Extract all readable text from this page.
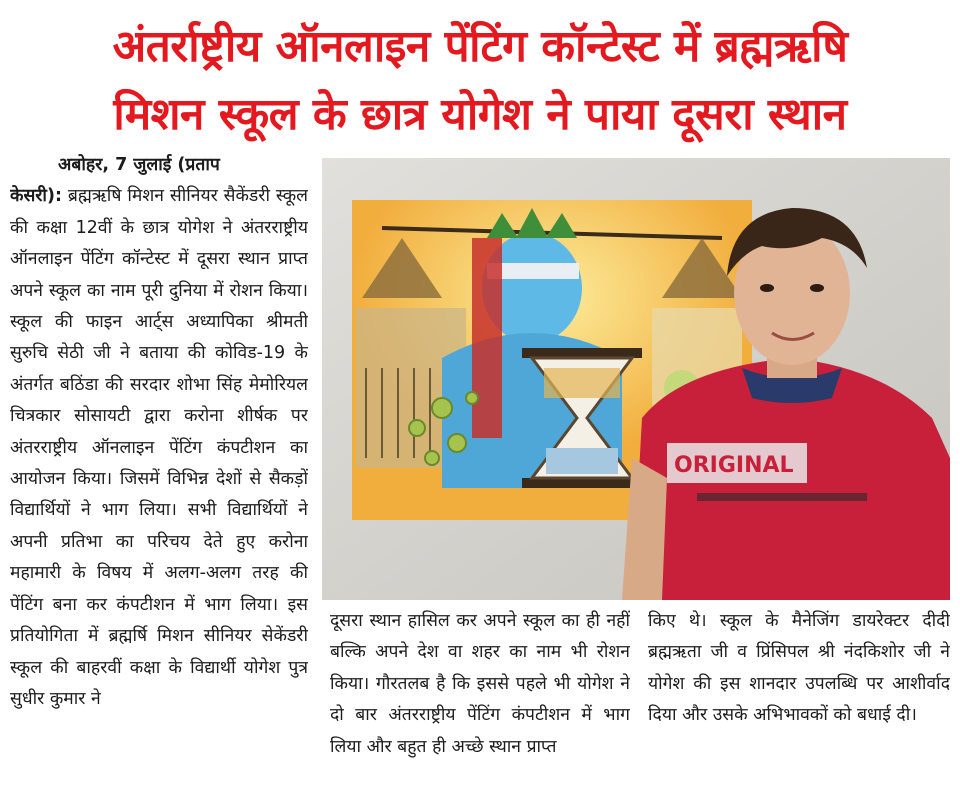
अंतर्राष्ट्रीय ऑनलाइन पेंटिंग कॉन्टेस्ट में ब्रह्मऋषि
मिशन स्कूल के छात्र योगेश ने पाया दूसरा स्थान
अबोहर, 7 जुलाई (प्रताप
केसरी): ब्रह्मऋषि मिशन सीनियर सैकेंडरी स्कूल की कक्षा 12वीं के छात्र योगेश ने अंतरराष्ट्रीय ऑनलाइन पेंटिंग कॉन्टेस्ट में दूसरा स्थान प्राप्त अपने स्कूल का नाम पूरी दुनिया में रोशन किया। स्कूल की फाइन आर्ट्स अध्यापिका श्रीमती सुरुचि सेठी जी ने बताया की कोविड-19 के अंतर्गत बठिंडा की सरदार शोभा सिंह मेमोरियल चित्रकार सोसायटी द्वारा करोना शीर्षक पर अंतरराष्ट्रीय ऑनलाइन पेंटिंग कंपटीशन का आयोजन किया। जिसमें विभिन्न देशों से सैकड़ों विद्यार्थियों ने भाग लिया। सभी विद्यार्थियों ने अपनी प्रतिभा का परिचय देते हुए करोना महामारी के विषय में अलग-अलग तरह की पेंटिंग बना कर कंपटीशन में भाग लिया। इस प्रतियोगिता में ब्रह्मर्षि मिशन सीनियर सेकेंडरी स्कूल की बाहरवीं कक्षा के विद्यार्थी योगेश पुत्र सुधीर कुमार ने
ORIGINAL
दूसरा स्थान हासिल कर अपने स्कूल का ही नहीं बल्कि अपने देश वा शहर का नाम भी रोशन किया। गौरतलब है कि इससे पहले भी योगेश ने दो बार अंतरराष्ट्रीय पेंटिंग कंपटीशन में भाग लिया और बहुत ही अच्छे स्थान प्राप्त
किए थे। स्कूल के मैनेजिंग डायरेक्टर दीदी ब्रह्मऋता जी व प्रिंसिपल श्री नंदकिशोर जी ने योगेश की इस शानदार उपलब्धि पर आशीर्वाद दिया और उसके अभिभावकों को बधाई दी।
